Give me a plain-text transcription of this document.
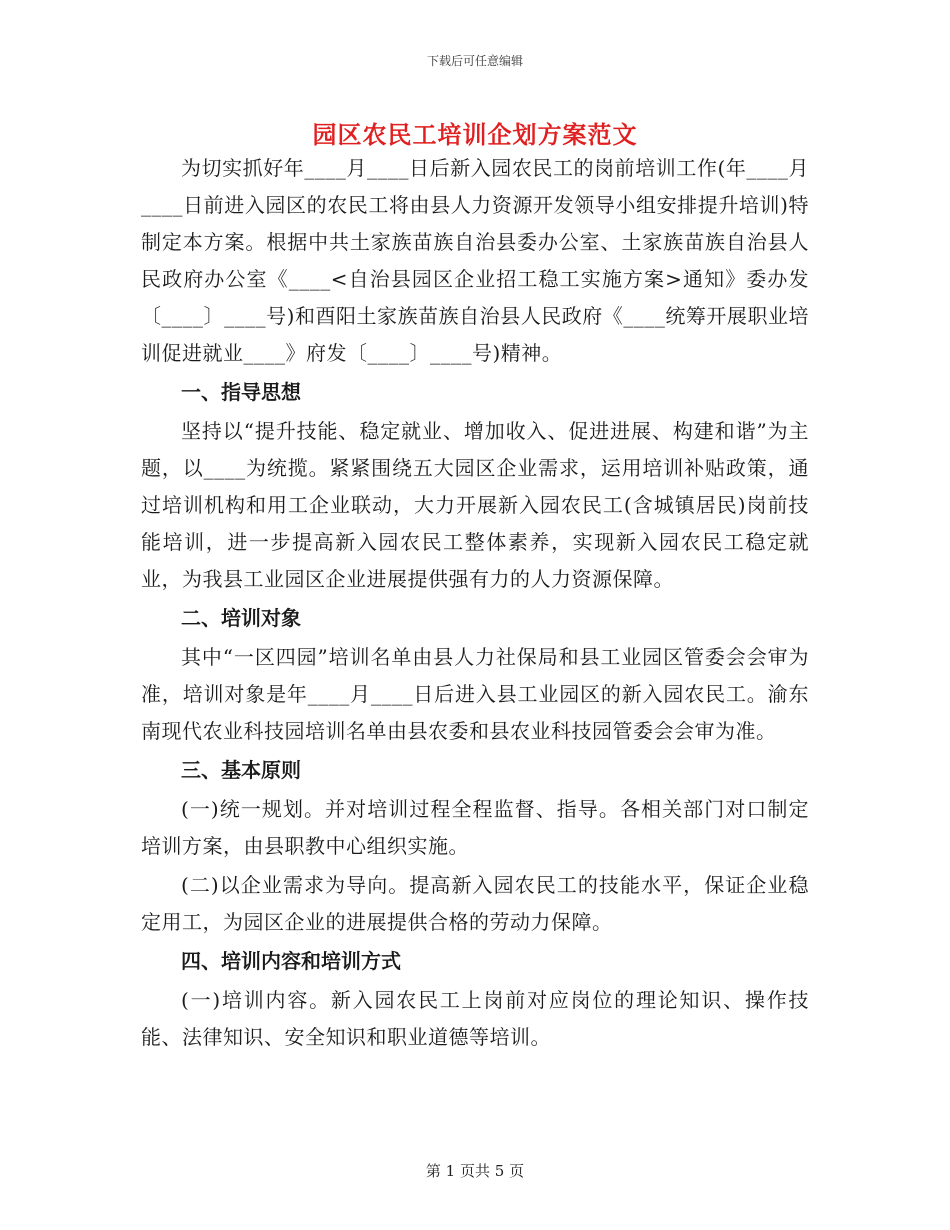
下载后可任意编辑
园区农民工培训企划方案范文

为切实抓好年____月____日后新入园农民工的岗前培训工作(年____月____日前进入园区的农民工将由县人力资源开发领导小组安排提升培训)特制定本方案。根据中共土家族苗族自治县委办公室、土家族苗族自治县人民政府办公室《____<自治县园区企业招工稳工实施方案>通知》委办发〔____〕____号)和酉阳土家族苗族自治县人民政府《____统筹开展职业培训促进就业____》府发〔____〕____号)精神。

一、指导思想

坚持以“提升技能、稳定就业、增加收入、促进进展、构建和谐”为主题，以____为统揽。紧紧围绕五大园区企业需求，运用培训补贴政策，通过培训机构和用工企业联动，大力开展新入园农民工(含城镇居民)岗前技能培训，进一步提高新入园农民工整体素养，实现新入园农民工稳定就业，为我县工业园区企业进展提供强有力的人力资源保障。

二、培训对象

其中“一区四园”培训名单由县人力社保局和县工业园区管委会会审为准，培训对象是年____月____日后进入县工业园区的新入园农民工。渝东南现代农业科技园培训名单由县农委和县农业科技园管委会会审为准。

三、基本原则

(一)统一规划。并对培训过程全程监督、指导。各相关部门对口制定培训方案，由县职教中心组织实施。

(二)以企业需求为导向。提高新入园农民工的技能水平，保证企业稳定用工，为园区企业的进展提供合格的劳动力保障。

四、培训内容和培训方式

(一)培训内容。新入园农民工上岗前对应岗位的理论知识、操作技能、法律知识、安全知识和职业道德等培训。

第 1 页共 5 页
